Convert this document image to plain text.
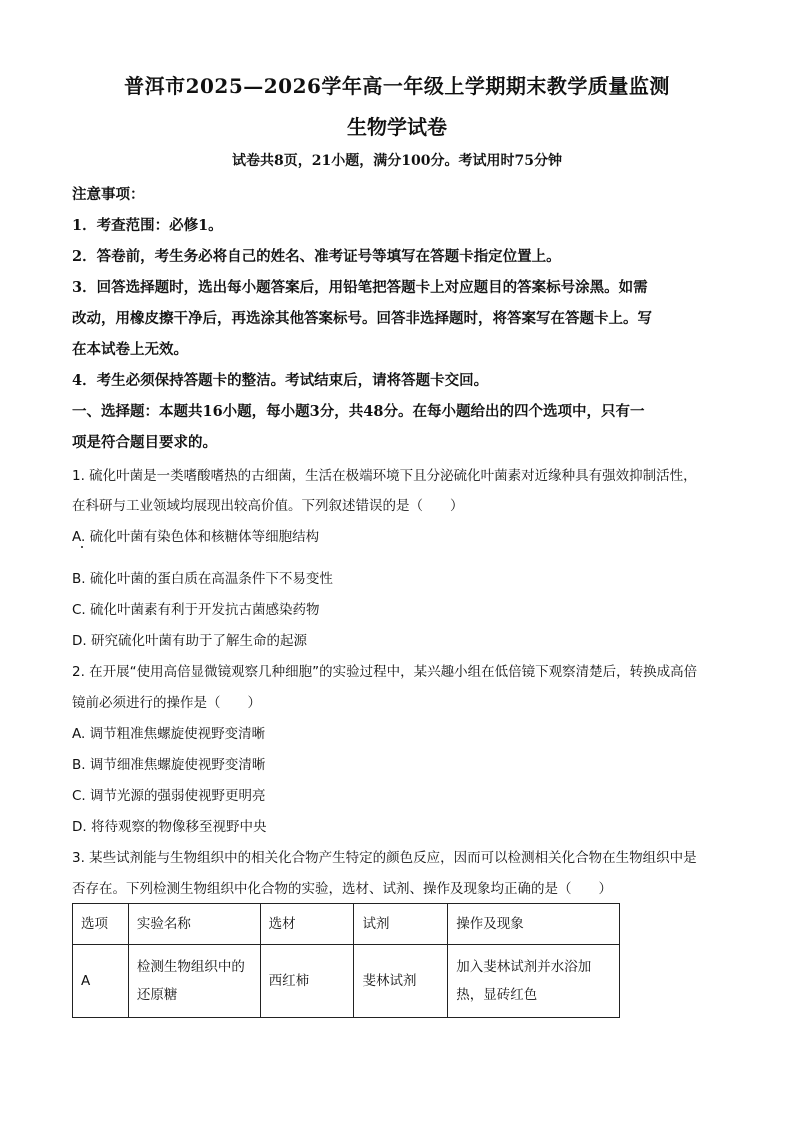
普洱市2025—2026学年高一年级上学期期末教学质量监测
生物学试卷
试卷共8页，21小题，满分100分。考试用时75分钟
注意事项：
1．考查范围：必修1。
2．答卷前，考生务必将自己的姓名、准考证号等填写在答题卡指定位置上。
3．回答选择题时，选出每小题答案后，用铅笔把答题卡上对应题目的答案标号涂黑。如需
改动，用橡皮擦干净后，再选涂其他答案标号。回答非选择题时，将答案写在答题卡上。写
在本试卷上无效。
4．考生必须保持答题卡的整洁。考试结束后，请将答题卡交回。
一、选择题：本题共16小题，每小题3分，共48分。在每小题给出的四个选项中，只有一
项是符合题目要求的。
1. 硫化叶菌是一类嗜酸嗜热的古细菌，生活在极端环境下且分泌硫化叶菌素对近缘种具有强效抑制活性，
在科研与工业领域均展现出较高价值。下列叙述错误的是（　　）
A. 硫化叶菌有染色体和核糖体等细胞结构
B. 硫化叶菌的蛋白质在高温条件下不易变性
C. 硫化叶菌素有利于开发抗古菌感染药物
D. 研究硫化叶菌有助于了解生命的起源
2. 在开展“使用高倍显微镜观察几种细胞”的实验过程中，某兴趣小组在低倍镜下观察清楚后，转换成高倍
镜前必须进行的操作是（　　）
A. 调节粗准焦螺旋使视野变清晰
B. 调节细准焦螺旋使视野变清晰
C. 调节光源的强弱使视野更明亮
D. 将待观察的物像移至视野中央
3. 某些试剂能与生物组织中的相关化合物产生特定的颜色反应，因而可以检测相关化合物在生物组织中是
否存在。下列检测生物组织中化合物的实验，选材、试剂、操作及现象均正确的是（　　）
选项	实验名称	选材	试剂	操作及现象
A	检测生物组织中的还原糖	西红柿	斐林试剂	加入斐林试剂并水浴加热，显砖红色
